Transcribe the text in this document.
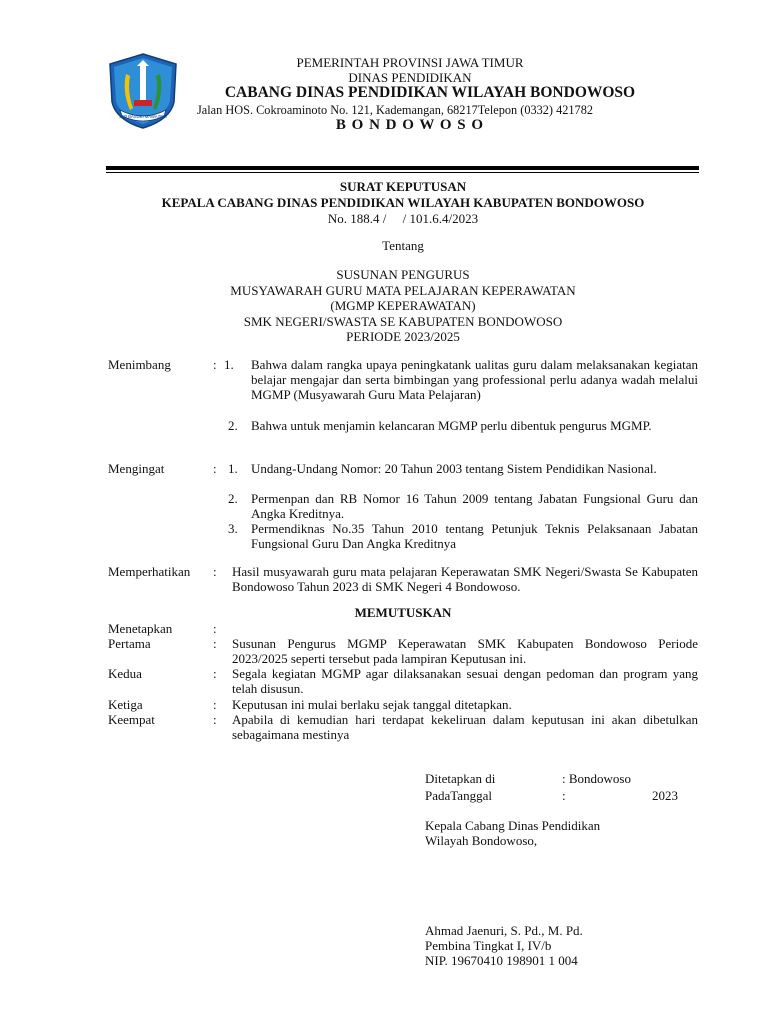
JER BASUKI MAWA BEA
PEMERINTAH PROVINSI JAWA TIMUR
DINAS PENDIDIKAN
CABANG DINAS PENDIDIKAN WILAYAH BONDOWOSO
Jalan HOS. Cokroaminoto No. 121, Kademangan, 68217Telepon (0332) 421782
B O N D O W O S O
SURAT KEPUTUSAN
KEPALA CABANG DINAS PENDIDIKAN WILAYAH KABUPATEN BONDOWOSO
No. 188.4 /     / 101.6.4/2023
Tentang
SUSUNAN PENGURUS
MUSYAWARAH GURU MATA PELAJARAN KEPERAWATAN
(MGMP KEPERAWATAN)
SMK NEGERI/SWASTA SE KABUPATEN BONDOWOSO
PERIODE 2023/2025
Menimbang	: 1. Bahwa dalam rangka upaya peningkatank ualitas guru dalam melaksanakan kegiatan belajar mengajar dan serta bimbingan yang professional perlu adanya wadah melalui MGMP (Musyawarah Guru Mata Pelajaran)
2. Bahwa untuk menjamin kelancaran MGMP perlu dibentuk pengurus MGMP.
Mengingat	: 1. Undang-Undang Nomor: 20 Tahun 2003 tentang Sistem Pendidikan Nasional.
2. Permenpan dan RB Nomor 16 Tahun 2009 tentang Jabatan Fungsional Guru dan Angka Kreditnya.
3. Permendiknas No.35 Tahun 2010 tentang Petunjuk Teknis Pelaksanaan Jabatan Fungsional Guru Dan Angka Kreditnya
Memperhatikan : Hasil musyawarah guru mata pelajaran Keperawatan SMK Negeri/Swasta Se Kabupaten Bondowoso Tahun 2023 di SMK Negeri 4 Bondowoso.
MEMUTUSKAN
Menetapkan	:
Pertama	: Susunan Pengurus MGMP Keperawatan SMK Kabupaten Bondowoso Periode 2023/2025 seperti tersebut pada lampiran Keputusan ini.
Kedua	: Segala kegiatan MGMP agar dilaksanakan sesuai dengan pedoman dan program yang telah disusun.
Ketiga	: Keputusan ini mulai berlaku sejak tanggal ditetapkan.
Keempat	: Apabila di kemudian hari terdapat kekeliruan dalam keputusan ini akan dibetulkan sebagaimana mestinya
Ditetapkan di	: Bondowoso
PadaTanggal	:	2023
Kepala Cabang Dinas Pendidikan
Wilayah Bondowoso,
Ahmad Jaenuri, S. Pd., M. Pd.
Pembina Tingkat I, IV/b
NIP. 19670410 198901 1 004
